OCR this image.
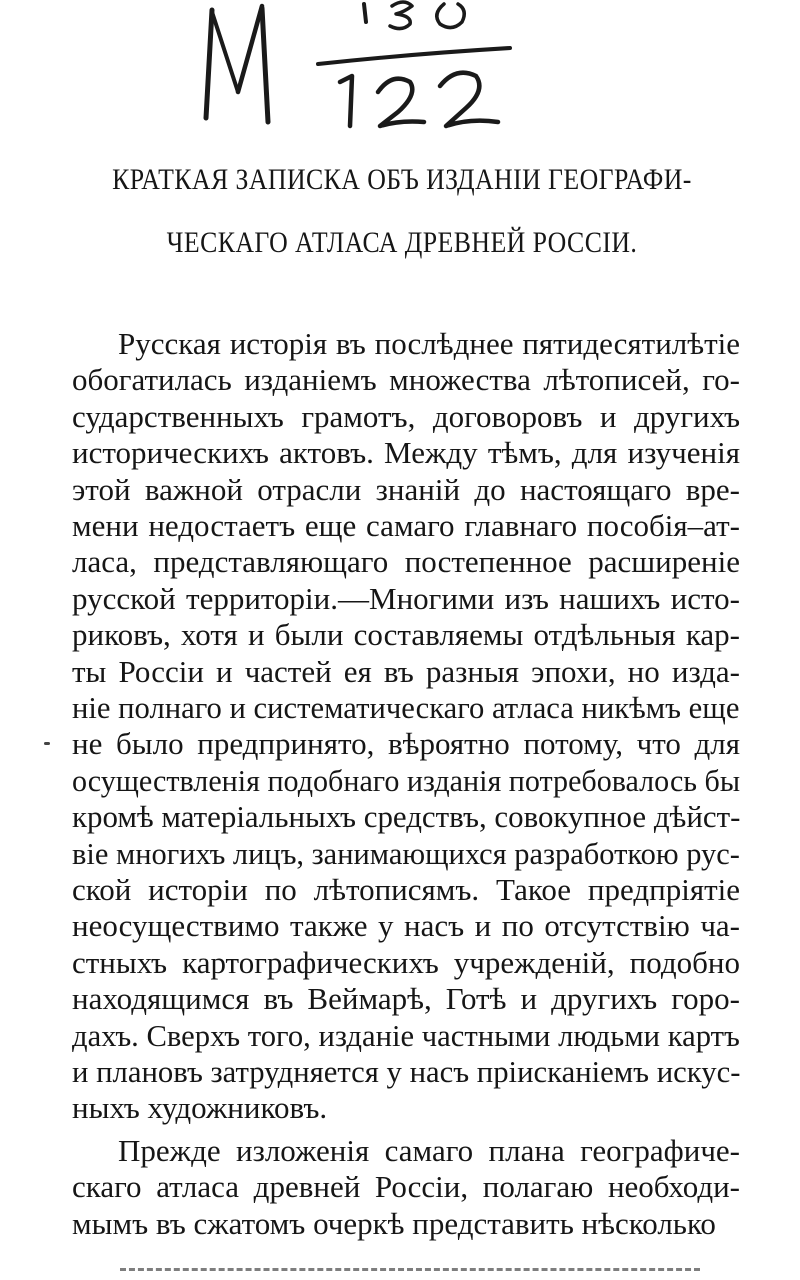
КРАТКАЯ ЗАПИСКА ОБЪ ИЗДАНІИ ГЕОГРАФИ-
ЧЕСКАГО АТЛАСА ДРЕВНЕЙ РОССІИ.
Русская исторія въ послѣднее пятидесятилѣтіе
обогатилась изданіемъ множества лѣтописей, го-
сударственныхъ грамотъ, договоровъ и другихъ
историческихъ актовъ. Между тѣмъ, для изученія
этой важной отрасли знаній до настоящаго вре-
мени недостаетъ еще самаго главнаго пособія–ат-
ласа, представляющаго постепенное расширеніе
русской территоріи.—Многими изъ нашихъ исто-
риковъ, хотя и были составляемы отдѣльныя кар-
ты Россіи и частей ея въ разныя эпохи, но изда-
ніе полнаго и систематическаго атласа никѣмъ еще
не было предпринято, вѣроятно потому, что для
осуществленія подобнаго изданія потребовалось бы
кромѣ матеріальныхъ средствъ, совокупное дѣйст-
віе многихъ лицъ, занимающихся разработкою рус-
ской исторіи по лѣтописямъ. Такое предпріятіе
неосуществимо также у насъ и по отсутствію ча-
стныхъ картографическихъ учрежденій, подобно
находящимся въ Веймарѣ, Готѣ и другихъ горо-
дахъ. Сверхъ того, изданіе частными людьми картъ
и плановъ затрудняется у насъ пріисканіемъ искус-
ныхъ художниковъ.
Прежде изложенія самаго плана географиче-
скаго атласа древней Россіи, полагаю необходи-
мымъ въ сжатомъ очеркѣ представить нѣсколько
